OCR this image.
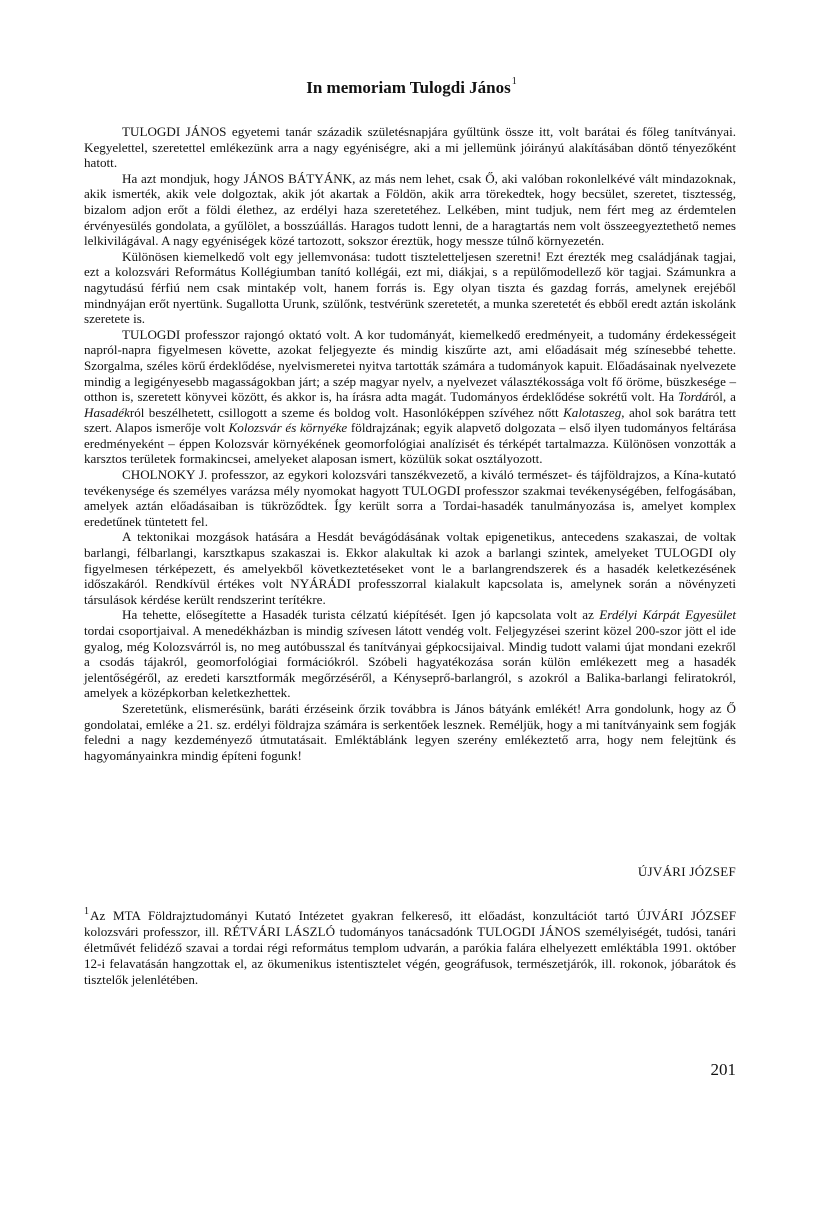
In memoriam Tulogdi János$^1$

TULOGDI JÁNOS egyetemi tanár századik születésnapjára gyűltünk össze itt, volt barátai és főleg tanítványai. Kegyelettel, szeretettel emlékezünk arra a nagy egyéniségre, aki a mi jellemünk jóirányú alakításában döntő tényezőként hatott.

Ha azt mondjuk, hogy JÁNOS BÁTYÁNK, az más nem lehet, csak Ő, aki valóban rokonlelkévé vált mindazoknak, akik ismerték, akik vele dolgoztak, akik jót akartak a Földön, akik arra törekedtek, hogy becsület, szeretet, tisztesség, bizalom adjon erőt a földi élethez, az erdélyi haza szeretetéhez. Lelkében, mint tudjuk, nem fért meg az érdemtelen érvényesülés gondolata, a gyűlölet, a bosszúállás. Haragos tudott lenni, de a haragtartás nem volt összeegyeztethető nemes lelkivilágával. A nagy egyéniségek közé tartozott, sokszor éreztük, hogy messze túlnő környezetén.

Különösen kiemelkedő volt egy jellemvonása: tudott tiszteletteljesen szeretni! Ezt érezték meg családjának tagjai, ezt a kolozsvári Református Kollégiumban tanító kollégái, ezt mi, diákjai, s a repülőmodellező kör tagjai. Számunkra a nagytudású férfiú nem csak mintakép volt, hanem forrás is. Egy olyan tiszta és gazdag forrás, amelynek erejéből mindnyájan erőt nyertünk. Sugallotta Urunk, szülőnk, testvérünk szeretetét, a munka szeretetét és ebből eredt aztán iskolánk szeretete is.

TULOGDI professzor rajongó oktató volt. A kor tudományát, kiemelkedő eredményeit, a tudomány érdekességeit napról-napra figyelmesen követte, azokat feljegyezte és mindig kiszűrte azt, ami előadásait még színesebbé tehette. Szorgalma, széles körű érdeklődése, nyelvismeretei nyitva tartották számára a tudományok kapuit. Előadásainak nyelvezete mindig a legigényesebb magasságokban járt; a szép magyar nyelv, a nyelvezet választékossága volt fő öröme, büszkesége – otthon is, szeretett könyvei között, és akkor is, ha írásra adta magát. Tudományos érdeklődése sokrétű volt. Ha Tordáról, a Hasadékról beszélhetett, csillogott a szeme és boldog volt. Hasonlóképpen szívéhez nőtt Kalotaszeg, ahol sok barátra tett szert. Alapos ismerője volt Kolozsvár és környéke földrajzának; egyik alapvető dolgozata – első ilyen tudományos feltárása eredményeként – éppen Kolozsvár környékének geomorfológiai analízisét és térképét tartalmazza. Különösen vonzották a karsztos területek formakincsei, amelyeket alaposan ismert, közülük sokat osztályozott.

CHOLNOKY J. professzor, az egykori kolozsvári tanszékvezető, a kiváló természet- és tájföldrajzos, a Kína-kutató tevékenysége és személyes varázsa mély nyomokat hagyott TULOGDI professzor szakmai tevékenységében, felfogásában, amelyek aztán előadásaiban is tükröződtek. Így került sorra a Tordai-hasadék tanulmányozása is, amelyet komplex eredetűnek tüntetett fel.

A tektonikai mozgások hatására a Hesdát bevágódásának voltak epigenetikus, antecedens szakaszai, de voltak barlangi, félbarlangi, karsztkapus szakaszai is. Ekkor alakultak ki azok a barlangi szintek, amelyeket TULOGDI oly figyelmesen térképezett, és amelyekből következtetéseket vont le a barlangrendszerek és a hasadék keletkezésének időszakáról. Rendkívül értékes volt NYÁRÁDI professzorral kialakult kapcsolata is, amelynek során a növényzeti társulások kérdése került rendszerint terítékre.

Ha tehette, elősegítette a Hasadék turista célzatú kiépítését. Igen jó kapcsolata volt az Erdélyi Kárpát Egyesület tordai csoportjaival. A menedékházban is mindig szívesen látott vendég volt. Feljegyzései szerint közel 200-szor jött el ide gyalog, még Kolozsvárról is, no meg autóbusszal és tanítványai gépkocsijaival. Mindig tudott valami újat mondani ezekről a csodás tájakról, geomorfológiai formációkról. Szóbeli hagyatékozása során külön emlékezett meg a hasadék jelentőségéről, az eredeti karsztformák megőrzéséről, a Kényseprő-barlangról, s azokról a Balika-barlangi feliratokról, amelyek a középkorban keletkezhettek.

Szeretetünk, elismerésünk, baráti érzéseink őrzik továbbra is János bátyánk emlékét! Arra gondolunk, hogy az Ő gondolatai, emléke a 21. sz. erdélyi földrajza számára is serkentőek lesznek. Reméljük, hogy a mi tanítványaink sem fogják feledni a nagy kezdeményező útmutatásait. Emléktáblánk legyen szerény emlékeztető arra, hogy nem felejtünk és hagyományainkra mindig építeni fogunk!

ÚJVÁRI JÓZSEF
$^1$Az MTA Földrajztudományi Kutató Intézetet gyakran felkereső, itt előadást, konzultációt tartó ÚJVÁRI JÓZSEF kolozsvári professzor, ill. RÉTVÁRI LÁSZLÓ tudományos tanácsadónk TULOGDI JÁNOS személyiségét, tudósi, tanári életművét felidéző szavai a tordai régi református templom udvarán, a parókia falára elhelyezett emléktábla 1991. október 12-i felavatásán hangzottak el, az ökumenikus istentisztelet végén, geográfusok, természetjárók, ill. rokonok, jóbarátok és tisztelők jelenlétében.
201
